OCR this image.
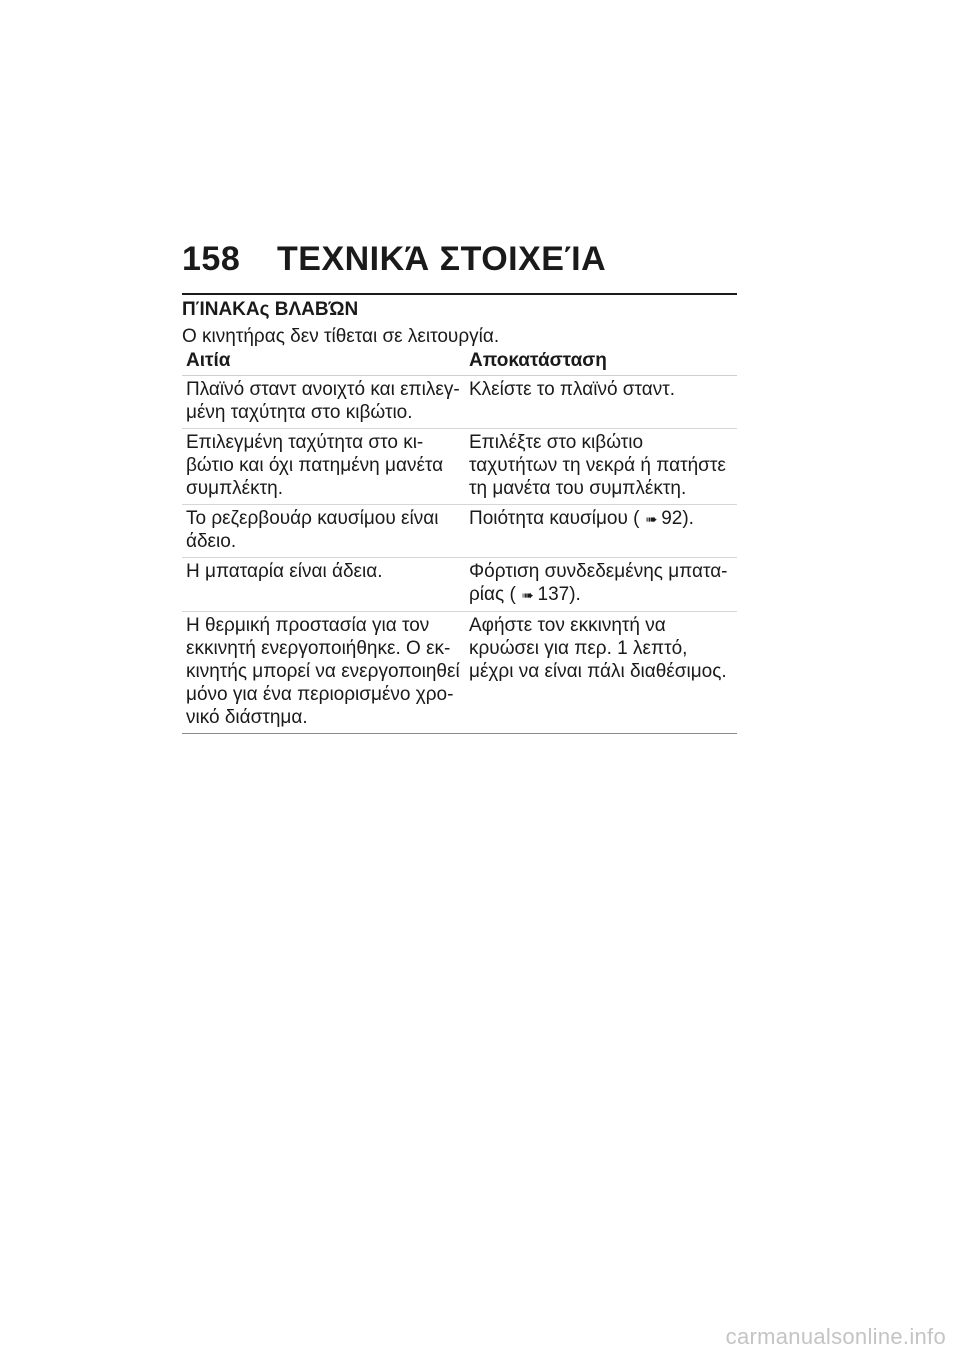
158	ΤΕΧΝΙΚΆ ΣΤΟΙΧΕΊΑ
ΠΊΝΑΚΑς ΒΛΑΒΏΝ
Ο κινητήρας δεν τίθεται σε λειτουργία.
Αιτία	Αποκατάσταση
Πλαϊνό σταντ ανοιχτό και επιλεγ-μένη ταχύτητα στο κιβώτιο.	Κλείστε το πλαϊνό σταντ.
Επιλεγμένη ταχύτητα στο κι-βώτιο και όχι πατημένη μανέτα συμπλέκτη.	Επιλέξτε στο κιβώτιο ταχυτήτων τη νεκρά ή πατήστε τη μανέτα του συμπλέκτη.
Το ρεζερβουάρ καυσίμου είναι άδειο.	Ποιότητα καυσίμου ( ➠ 92).
Η μπαταρία είναι άδεια.	Φόρτιση συνδεδεμένης μπατα-ρίας ( ➠ 137).
Η θερμική προστασία για τον εκκινητή ενεργοποιήθηκε. Ο εκ-κινητής μπορεί να ενεργοποιηθεί μόνο για ένα περιορισμένο χρο-νικό διάστημα.	Αφήστε τον εκκινητή να κρυώσει για περ. 1 λεπτό, μέχρι να είναι πάλι διαθέσιμος.
carmanualsonline.info
